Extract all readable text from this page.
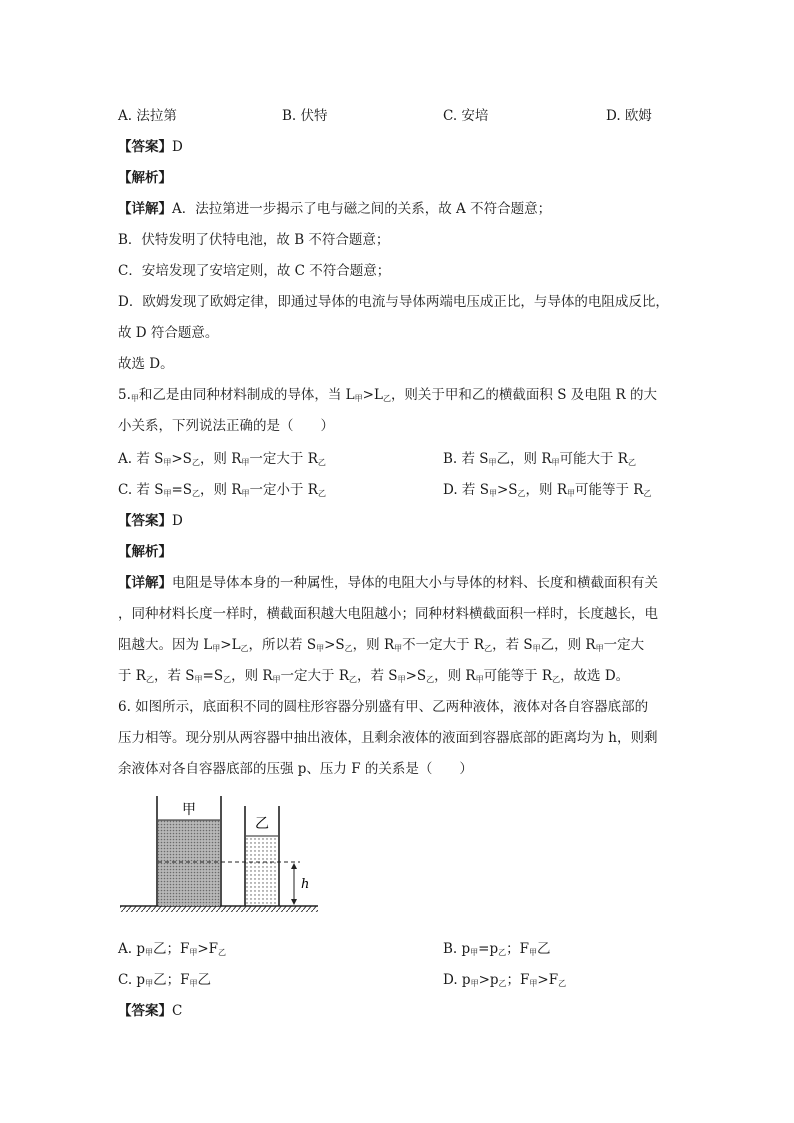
A. 法拉第	B. 伏特	C. 安培	D. 欧姆
【答案】D
【解析】
【详解】A．法拉第进一步揭示了电与磁之间的关系，故 A 不符合题意；
B．伏特发明了伏特电池，故 B 不符合题意；
C．安培发现了安培定则，故 C 不符合题意；
D．欧姆发现了欧姆定律，即通过导体的电流与导体两端电压成正比，与导体的电阻成反比，
故 D 符合题意。
故选 D。
$5._甲$和乙是由同种材料制成的导体，当 $L_甲>L_乙$，则关于甲和乙的横截面积 S 及电阻 R 的大
小关系，下列说法正确的是（　　）
A. 若 $S_甲>S_乙$，则 $R_甲$一定大于 $R_乙$	B. 若 $S_甲$乙，则 $R_甲$可能大于 $R_乙$
C. 若 $S_甲=S_乙$，则 $R_甲$一定小于 $R_乙$	D. 若 $S_甲>S_乙$，则 $R_甲$可能等于 $R_乙$
【答案】D
【解析】
【详解】电阻是导体本身的一种属性，导体的电阻大小与导体的材料、长度和横截面积有关
，同种材料长度一样时，横截面积越大电阻越小；同种材料横截面积一样时，长度越长，电
阻越大。因为 $L_甲>L_乙$，所以若 $S_甲>S_乙$，则 $R_甲$不一定大于 $R_乙$，若 $S_甲$乙，则 $R_甲$一定大
于 $R_乙$，若 $S_甲=S_乙$，则 $R_甲$一定大于 $R_乙$，若 $S_甲>S_乙$，则 $R_甲$可能等于 $R_乙$，故选 D。
6. 如图所示，底面积不同的圆柱形容器分别盛有甲、乙两种液体，液体对各自容器底部的
压力相等。现分别从两容器中抽出液体，且剩余液体的液面到容器底部的距离均为 h，则剩
余液体对各自容器底部的压强 p、压力 F 的关系是（　　）
甲
乙
h
A. $p_甲$乙；$F_甲>F_乙$	B. $p_甲=p_乙$；$F_甲$乙
C. $p_甲$乙；$F_甲$乙	D. $p_甲>p_乙$；$F_甲>F_乙$
【答案】C
